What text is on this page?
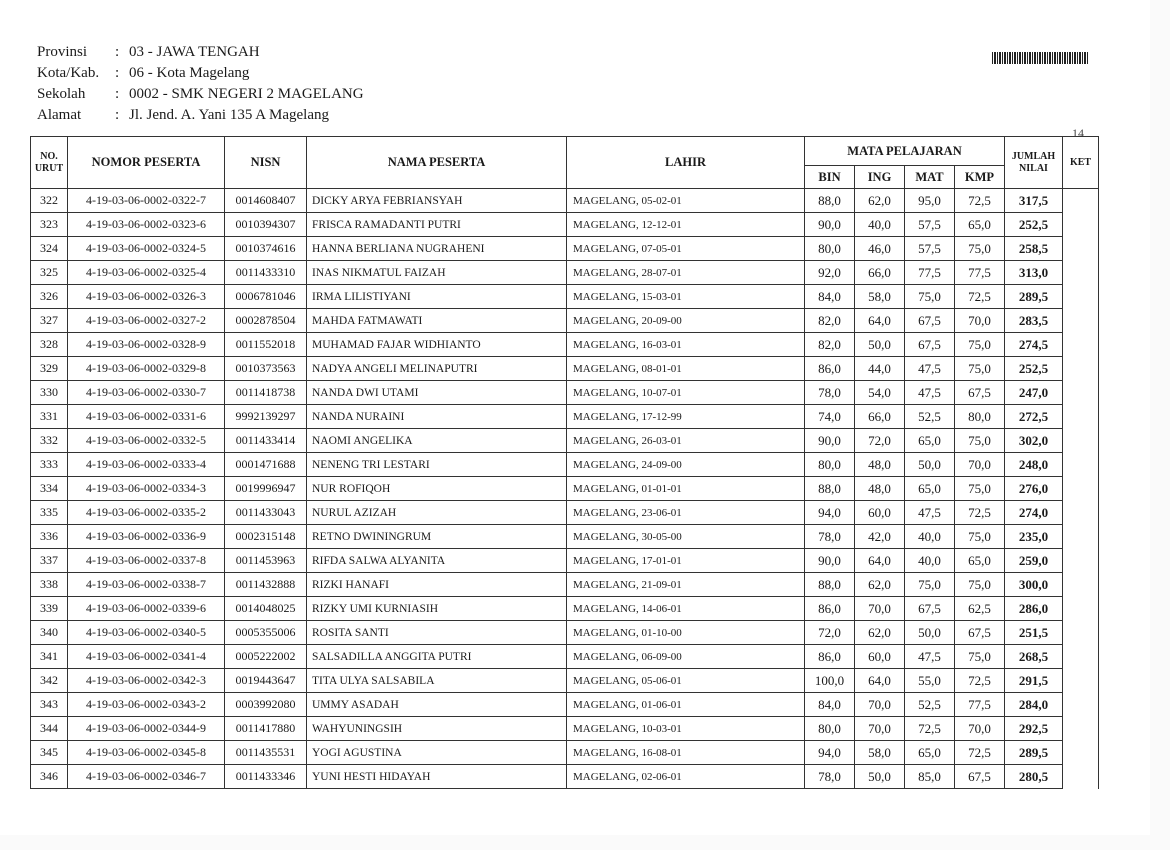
Provinsi	: 03 - JAWA TENGAH
Kota/Kab.	: 06 - Kota Magelang
Sekolah	: 0002 - SMK NEGERI 2 MAGELANG
Alamat	: Jl. Jend. A. Yani 135 A Magelang
14
NO. URUT	NOMOR PESERTA	NISN	NAMA PESERTA	LAHIR	MATA PELAJARAN				JUMLAH NILAI	KET
					BIN	ING	MAT	KMP		
322	4-19-03-06-0002-0322-7	0014608407	DICKY ARYA FEBRIANSYAH	MAGELANG, 05-02-01	88,0	62,0	95,0	72,5	317,5	
323	4-19-03-06-0002-0323-6	0010394307	FRISCA RAMADANTI PUTRI	MAGELANG, 12-12-01	90,0	40,0	57,5	65,0	252,5	
324	4-19-03-06-0002-0324-5	0010374616	HANNA BERLIANA NUGRAHENI	MAGELANG, 07-05-01	80,0	46,0	57,5	75,0	258,5	
325	4-19-03-06-0002-0325-4	0011433310	INAS NIKMATUL FAIZAH	MAGELANG, 28-07-01	92,0	66,0	77,5	77,5	313,0	
326	4-19-03-06-0002-0326-3	0006781046	IRMA LILISTIYANI	MAGELANG, 15-03-01	84,0	58,0	75,0	72,5	289,5	
327	4-19-03-06-0002-0327-2	0002878504	MAHDA FATMAWATI	MAGELANG, 20-09-00	82,0	64,0	67,5	70,0	283,5	
328	4-19-03-06-0002-0328-9	0011552018	MUHAMAD FAJAR WIDHIANTO	MAGELANG, 16-03-01	82,0	50,0	67,5	75,0	274,5	
329	4-19-03-06-0002-0329-8	0010373563	NADYA ANGELI MELINAPUTRI	MAGELANG, 08-01-01	86,0	44,0	47,5	75,0	252,5	
330	4-19-03-06-0002-0330-7	0011418738	NANDA DWI UTAMI	MAGELANG, 10-07-01	78,0	54,0	47,5	67,5	247,0	
331	4-19-03-06-0002-0331-6	9992139297	NANDA NURAINI	MAGELANG, 17-12-99	74,0	66,0	52,5	80,0	272,5	
332	4-19-03-06-0002-0332-5	0011433414	NAOMI ANGELIKA	MAGELANG, 26-03-01	90,0	72,0	65,0	75,0	302,0	
333	4-19-03-06-0002-0333-4	0001471688	NENENG TRI LESTARI	MAGELANG, 24-09-00	80,0	48,0	50,0	70,0	248,0	
334	4-19-03-06-0002-0334-3	0019996947	NUR ROFIQOH	MAGELANG, 01-01-01	88,0	48,0	65,0	75,0	276,0	
335	4-19-03-06-0002-0335-2	0011433043	NURUL AZIZAH	MAGELANG, 23-06-01	94,0	60,0	47,5	72,5	274,0	
336	4-19-03-06-0002-0336-9	0002315148	RETNO DWININGRUM	MAGELANG, 30-05-00	78,0	42,0	40,0	75,0	235,0	
337	4-19-03-06-0002-0337-8	0011453963	RIFDA SALWA ALYANITA	MAGELANG, 17-01-01	90,0	64,0	40,0	65,0	259,0	
338	4-19-03-06-0002-0338-7	0011432888	RIZKI HANAFI	MAGELANG, 21-09-01	88,0	62,0	75,0	75,0	300,0	
339	4-19-03-06-0002-0339-6	0014048025	RIZKY UMI KURNIASIH	MAGELANG, 14-06-01	86,0	70,0	67,5	62,5	286,0	
340	4-19-03-06-0002-0340-5	0005355006	ROSITA SANTI	MAGELANG, 01-10-00	72,0	62,0	50,0	67,5	251,5	
341	4-19-03-06-0002-0341-4	0005222002	SALSADILLA ANGGITA PUTRI	MAGELANG, 06-09-00	86,0	60,0	47,5	75,0	268,5	
342	4-19-03-06-0002-0342-3	0019443647	TITA ULYA SALSABILA	MAGELANG, 05-06-01	100,0	64,0	55,0	72,5	291,5	
343	4-19-03-06-0002-0343-2	0003992080	UMMY ASADAH	MAGELANG, 01-06-01	84,0	70,0	52,5	77,5	284,0	
344	4-19-03-06-0002-0344-9	0011417880	WAHYUNINGSIH	MAGELANG, 10-03-01	80,0	70,0	72,5	70,0	292,5	
345	4-19-03-06-0002-0345-8	0011435531	YOGI AGUSTINA	MAGELANG, 16-08-01	94,0	58,0	65,0	72,5	289,5	
346	4-19-03-06-0002-0346-7	0011433346	YUNI HESTI HIDAYAH	MAGELANG, 02-06-01	78,0	50,0	85,0	67,5	280,5	
